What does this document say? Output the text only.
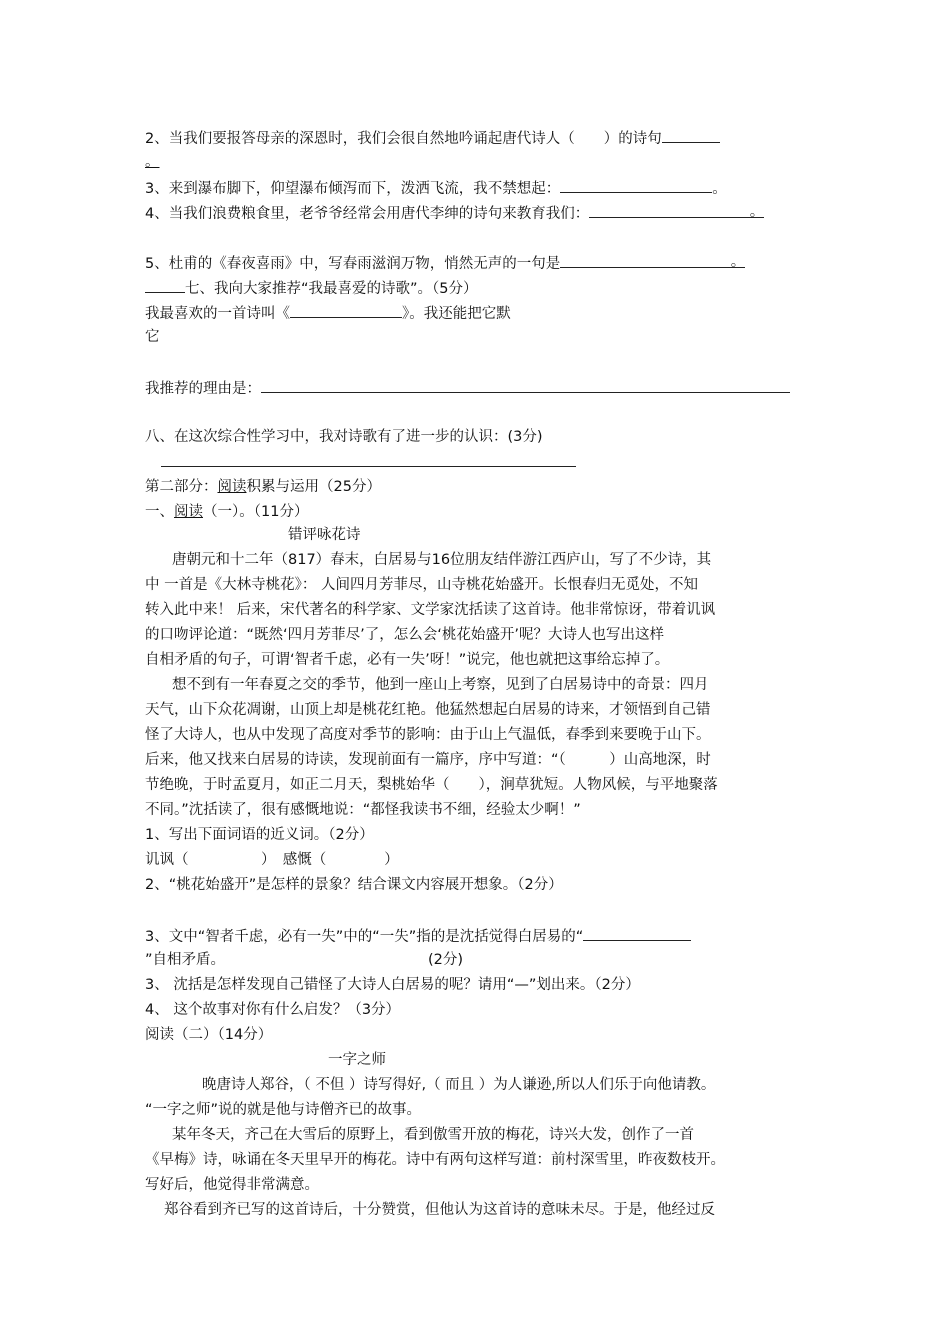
2、当我们要报答母亲的深恩时，我们会很自然地吟诵起唐代诗人（　　）的诗句
。
3、来到瀑布脚下，仰望瀑布倾泻而下，泼洒飞流，我不禁想起：	。
4、当我们浪费粮食里，老爷爷经常会用唐代李绅的诗句来教育我们：	。
5、杜甫的《春夜喜雨》中，写春雨滋润万物，悄然无声的一句是	。
七、我向大家推荐“我最喜爱的诗歌”。（5分）
我最喜欢的一首诗叫《	》。我还能把它默
它
我推荐的理由是：
八、在这次综合性学习中，我对诗歌有了进一步的认识：(3分)
第二部分：阅读积累与运用（25分）
一、阅读（一）。（11分）
错评咏花诗
唐朝元和十二年（817）春末，白居易与16位朋友结伴游江西庐山，写了不少诗，其
中 一首是《大林寺桃花》： 人间四月芳菲尽，山寺桃花始盛开。长恨春归无觅处，不知
转入此中来！ 后来，宋代著名的科学家、文学家沈括读了这首诗。他非常惊讶，带着讥讽
的口吻评论道：“既然‘四月芳菲尽’了，怎么会‘桃花始盛开’呢？大诗人也写出这样
自相矛盾的句子，可谓‘智者千虑，必有一失’呀！”说完，他也就把这事给忘掉了。
想不到有一年春夏之交的季节，他到一座山上考察，见到了白居易诗中的奇景：四月
天气，山下众花凋谢，山顶上却是桃花红艳。他猛然想起白居易的诗来，才领悟到自己错
怪了大诗人，也从中发现了高度对季节的影响：由于山上气温低，春季到来要晚于山下。
后来，他又找来白居易的诗读，发现前面有一篇序，序中写道：“（　　　）山高地深，时
节绝晚，于时孟夏月，如正二月天，梨桃始华（　　），涧草犹短。人物风候，与平地聚落
不同。”沈括读了，很有感慨地说：“都怪我读书不细，经验太少啊！”
1、写出下面词语的近义词。（2分）
讥讽（　　　　　）　感慨（　　　　）
2、“桃花始盛开”是怎样的景象？结合课文内容展开想象。（2分）
3、文中“智者千虑，必有一失”中的“一失”指的是沈括觉得白居易的“
”自相矛盾。	(2分)
3、 沈括是怎样发现自己错怪了大诗人白居易的呢？请用“—”划出来。（2分）
4、 这个故事对你有什么启发？（3分）
阅读（二）（14分）
一字之师
晚唐诗人郑谷，（ 不但 ）诗写得好,（ 而且 ）为人谦逊,所以人们乐于向他请教。
“一字之师”说的就是他与诗僧齐已的故事。
某年冬天，齐己在大雪后的原野上，看到傲雪开放的梅花，诗兴大发，创作了一首
《早梅》诗，咏诵在冬天里早开的梅花。诗中有两句这样写道：前村深雪里，昨夜数枝开。
写好后，他觉得非常满意。
郑谷看到齐已写的这首诗后，十分赞赏，但他认为这首诗的意味未尽。于是，他经过反
